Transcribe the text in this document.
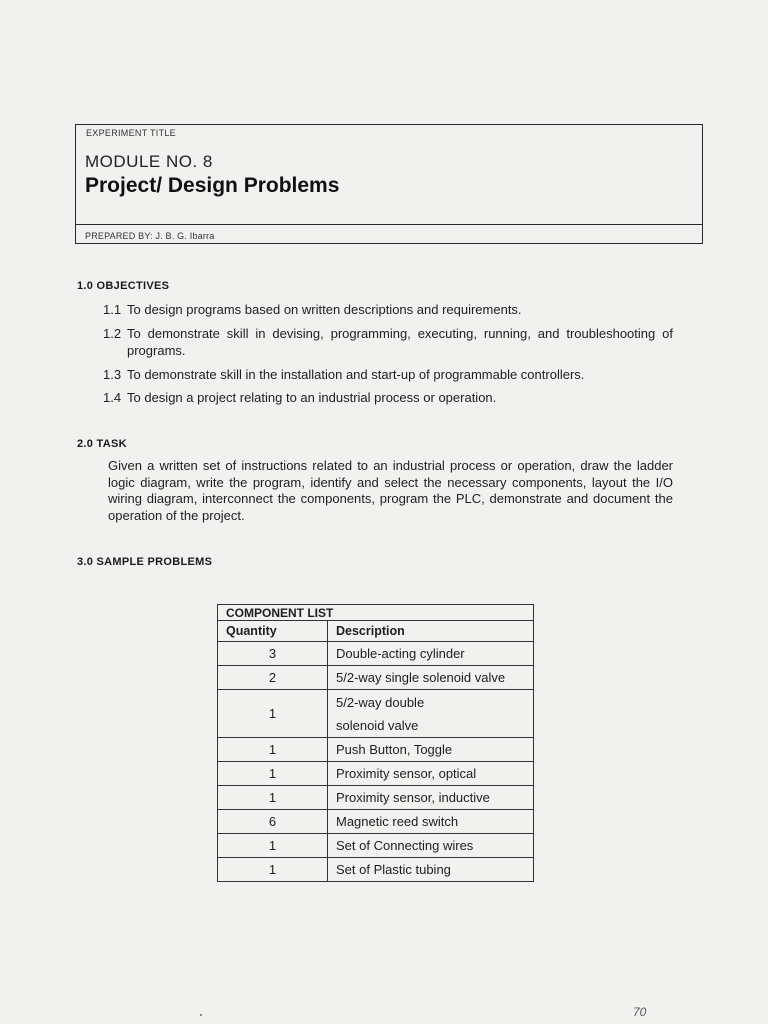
EXPERIMENT TITLE
MODULE NO. 8
Project/ Design Problems
PREPARED BY: J. B. G. Ibarra
1.0 OBJECTIVES
1.1 To design programs based on written descriptions and requirements.
1.2 To demonstrate skill in devising, programming, executing, running, and troubleshooting of programs.
1.3 To demonstrate skill in the installation and start-up of programmable controllers.
1.4 To design a project relating to an industrial process or operation.
2.0 TASK
Given a written set of instructions related to an industrial process or operation, draw the ladder logic diagram, write the program, identify and select the necessary components, layout the I/O wiring diagram, interconnect the components, program the PLC, demonstrate and document the operation of the project.
3.0 SAMPLE PROBLEMS
COMPONENT LIST	
Quantity	Description
3	Double-acting cylinder
2	5/2-way single solenoid valve
1	5/2-way double solenoid valve
1	Push Button, Toggle
1	Proximity sensor, optical
1	Proximity sensor, inductive
6	Magnetic reed switch
1	Set of Connecting wires
1	Set of Plastic tubing
70
